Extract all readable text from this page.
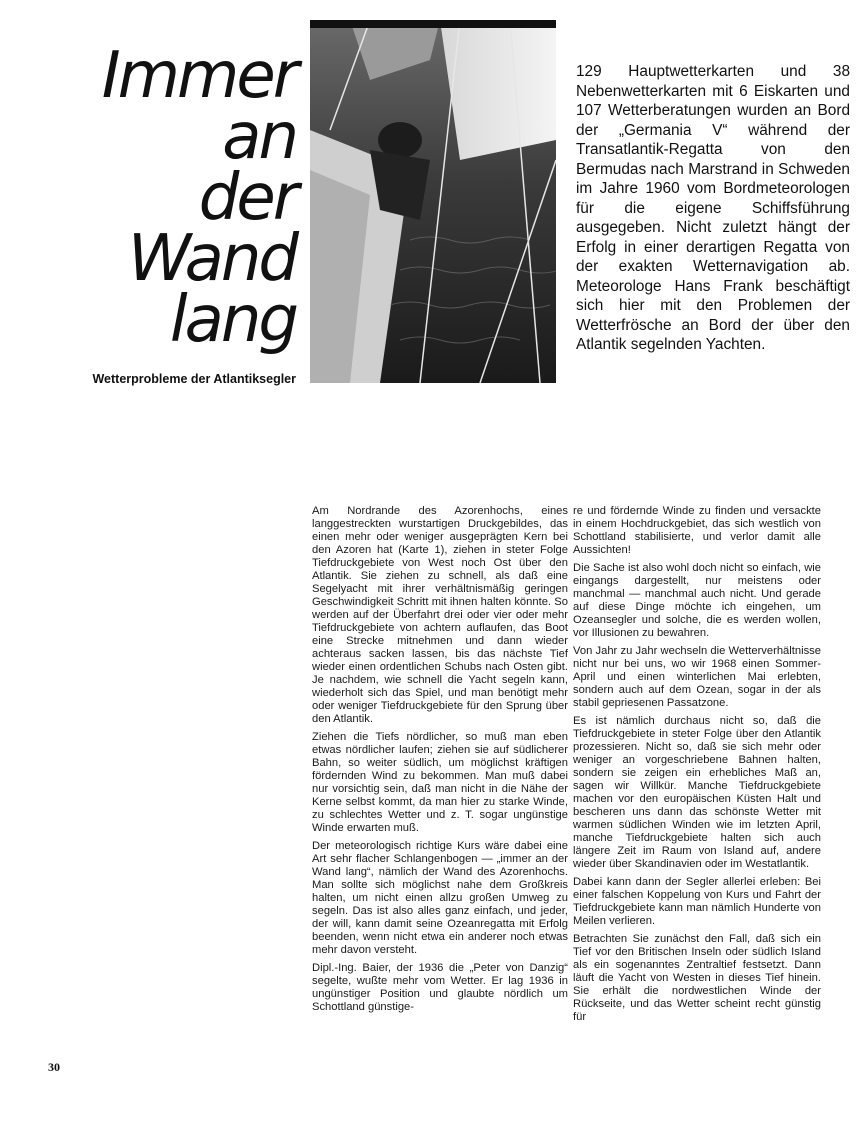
Immer
an
der
Wand
lang
Wetterprobleme der Atlantiksegler

129 Hauptwetterkarten und 38 Nebenwetterkarten mit 6 Eiskarten und 107 Wetterberatungen wurden an Bord der „Germania V“ während der Transatlantik-Regatta von den Bermudas nach Marstrand in Schweden im Jahre 1960 vom Bordmeteorologen für die eigene Schiffsführung ausgegeben. Nicht zuletzt hängt der Erfolg in einer derartigen Regatta von der exakten Wetternavigation ab. Meteorologe Hans Frank beschäftigt sich hier mit den Problemen der Wetterfrösche an Bord der über den Atlantik segelnden Yachten.

Am Nordrande des Azorenhochs, eines langgestreckten wurstartigen Druckgebildes, das einen mehr oder weniger ausgeprägten Kern bei den Azoren hat (Karte 1), ziehen in steter Folge Tiefdruckgebiete von West noch Ost über den Atlantik. Sie ziehen zu schnell, als daß eine Segelyacht mit ihrer verhältnismäßig geringen Geschwindigkeit Schritt mit ihnen halten könnte. So werden auf der Überfahrt drei oder vier oder mehr Tiefdruckgebiete von achtern auflaufen, das Boot eine Strecke mitnehmen und dann wieder achteraus sacken lassen, bis das nächste Tief wieder einen ordentlichen Schubs nach Osten gibt. Je nachdem, wie schnell die Yacht segeln kann, wiederholt sich das Spiel, und man benötigt mehr oder weniger Tiefdruckgebiete für den Sprung über den Atlantik.

Ziehen die Tiefs nördlicher, so muß man eben etwas nördlicher laufen; ziehen sie auf südlicherer Bahn, so weiter südlich, um möglichst kräftigen fördernden Wind zu bekommen. Man muß dabei nur vorsichtig sein, daß man nicht in die Nähe der Kerne selbst kommt, da man hier zu starke Winde, zu schlechtes Wetter und z. T. sogar ungünstige Winde erwarten muß.

Der meteorologisch richtige Kurs wäre dabei eine Art sehr flacher Schlangenbogen — „immer an der Wand lang“, nämlich der Wand des Azorenhochs. Man sollte sich möglichst nahe dem Großkreis halten, um nicht einen allzu großen Umweg zu segeln. Das ist also alles ganz einfach, und jeder, der will, kann damit seine Ozeanregatta mit Erfolg beenden, wenn nicht etwa ein anderer noch etwas mehr davon versteht.

Dipl.-Ing. Baier, der 1936 die „Peter von Danzig“ segelte, wußte mehr vom Wetter. Er lag 1936 in ungünstiger Position und glaubte nördlich um Schottland günstige-

re und fördernde Winde zu finden und versackte in einem Hochdruckgebiet, das sich westlich von Schottland stabilisierte, und verlor damit alle Aussichten!

Die Sache ist also wohl doch nicht so einfach, wie eingangs dargestellt, nur meistens oder manchmal — manchmal auch nicht. Und gerade auf diese Dinge möchte ich eingehen, um Ozeansegler und solche, die es werden wollen, vor Illusionen zu bewahren.

Von Jahr zu Jahr wechseln die Wetterverhältnisse nicht nur bei uns, wo wir 1968 einen Sommer-April und einen winterlichen Mai erlebten, sondern auch auf dem Ozean, sogar in der als stabil gepriesenen Passatzone.

Es ist nämlich durchaus nicht so, daß die Tiefdruckgebiete in steter Folge über den Atlantik prozessieren. Nicht so, daß sie sich mehr oder weniger an vorgeschriebene Bahnen halten, sondern sie zeigen ein erhebliches Maß an, sagen wir Willkür. Manche Tiefdruckgebiete machen vor den europäischen Küsten Halt und bescheren uns dann das schönste Wetter mit warmen südlichen Winden wie im letzten April, manche Tiefdruckgebiete halten sich auch längere Zeit im Raum von Island auf, andere wieder über Skandinavien oder im Westatlantik.

Dabei kann dann der Segler allerlei erleben: Bei einer falschen Koppelung von Kurs und Fahrt der Tiefdruckgebiete kann man nämlich Hunderte von Meilen verlieren.

Betrachten Sie zunächst den Fall, daß sich ein Tief vor den Britischen Inseln oder südlich Island als ein sogenanntes Zentraltief festsetzt. Dann läuft die Yacht von Westen in dieses Tief hinein. Sie erhält die nordwestlichen Winde der Rückseite, und das Wetter scheint recht günstig für

30
